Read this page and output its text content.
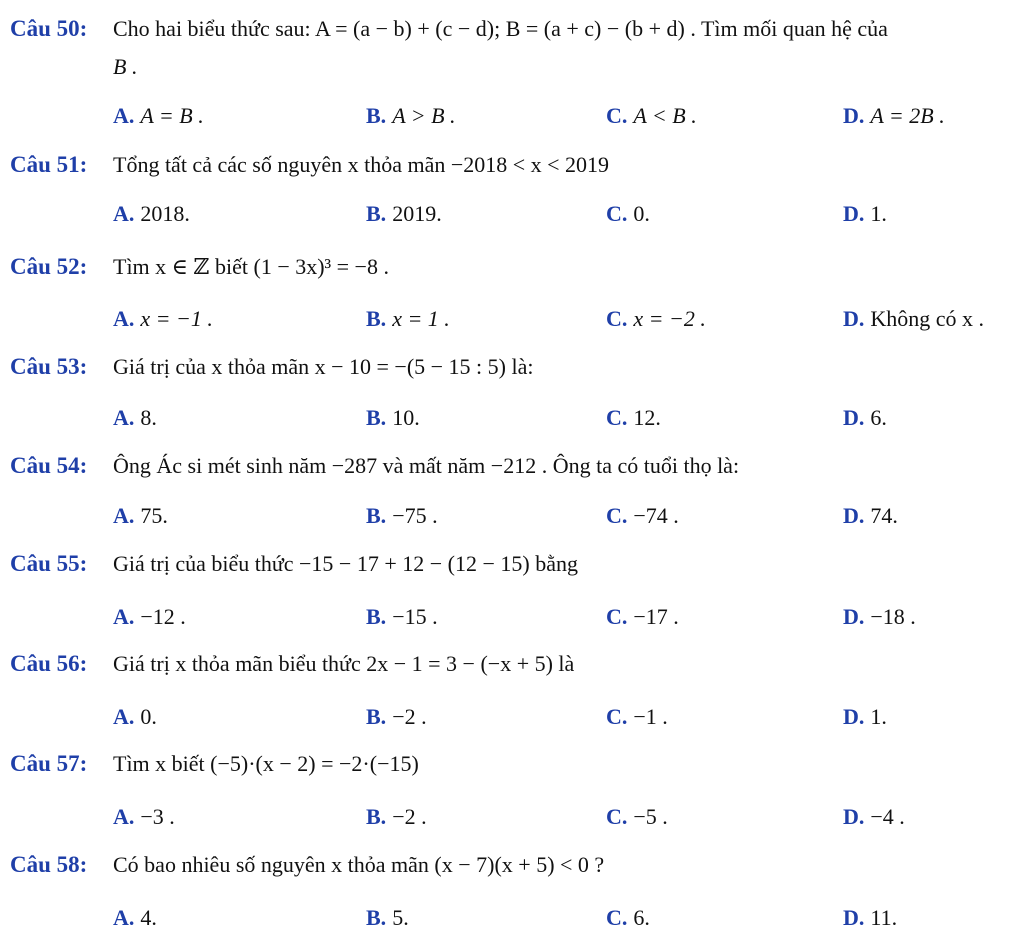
Câu 50: Cho hai biểu thức sau: A = (a − b) + (c − d); B = (a + c) − (b + d) . Tìm mối quan hệ của
B .
A. A = B .	B. A > B .	C. A < B .	D. A = 2B .
Câu 51: Tổng tất cả các số nguyên x thỏa mãn −2018 < x < 2019
A. 2018.	B. 2019.	C. 0.	D. 1.
Câu 52: Tìm x ∈ ℤ biết (1 − 3x)³ = −8 .
A. x = −1 .	B. x = 1 .	C. x = −2 .	D. Không có x .
Câu 53: Giá trị của x thỏa mãn x − 10 = −(5 − 15 : 5) là:
A. 8.	B. 10.	C. 12.	D. 6.
Câu 54: Ông Ác si mét sinh năm −287 và mất năm −212 . Ông ta có tuổi thọ là:
A. 75.	B. −75 .	C. −74 .	D. 74.
Câu 55: Giá trị của biểu thức −15 − 17 + 12 − (12 − 15) bằng
A. −12 .	B. −15 .	C. −17 .	D. −18 .
Câu 56: Giá trị x thỏa mãn biểu thức 2x − 1 = 3 − (−x + 5) là
A. 0.	B. −2 .	C. −1 .	D. 1.
Câu 57: Tìm x biết (−5)·(x − 2) = −2·(−15)
A. −3 .	B. −2 .	C. −5 .	D. −4 .
Câu 58: Có bao nhiêu số nguyên x thỏa mãn (x − 7)(x + 5) < 0 ?
A. 4.	B. 5.	C. 6.	D. 11.
